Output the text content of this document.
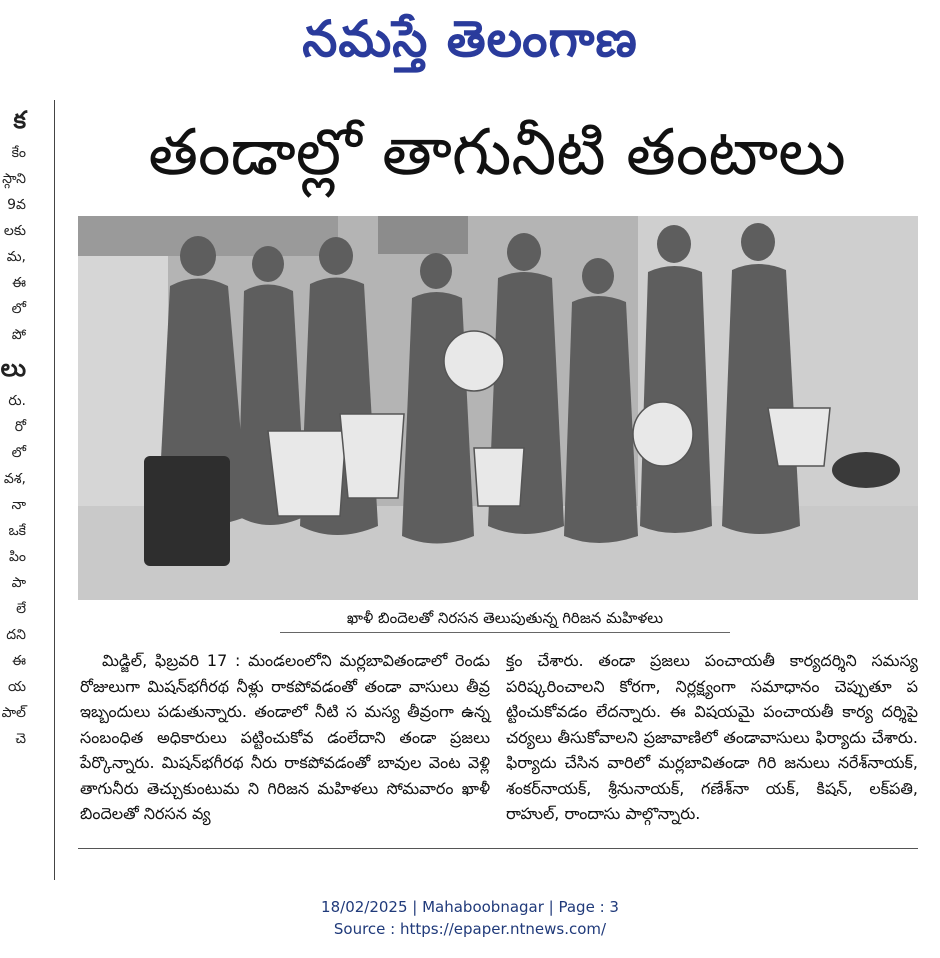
నమస్తే తెలంగాణ
క
కేం
స్గాని
9వ
లకు
మ,
ఈ
లో
పో
లు
రు.
రో
లో
వశ,
నా
ఒకే
పిం
పా
లే
దని
ఈ
య
పాల్
చె
తండాల్లో తాగునీటి తంటాలు
ఖాళీ బిందెలతో నిరసన తెలుపుతున్న గిరిజన మహిళలు
మిడ్జిల్, ఫిబ్రవరి 17 : మండలంలోని మర్లబావితండాలో రెండు రోజులుగా మిషన్‌భగీరథ నీళ్లు రాకపోవడంతో తండా వాసులు తీవ్ర ఇబ్బందులు పడుతున్నారు. తండాలో నీటి స మస్య తీవ్రంగా ఉన్న సంబంధిత అధికారులు పట్టించుకోవ డంలేదాని తండా ప్రజలు పేర్కొన్నారు. మిషన్‌భగీరథ నీరు రాకపోవడంతో బావుల వెంట వెళ్లి తాగునీరు తెచ్చుకుంటుమ ని గిరిజన మహిళలు సోమవారం ఖాళీ బిందెలతో నిరసన వ్య
క్తం చేశారు. తండా ప్రజలు పంచాయతీ కార్యదర్శిని సమస్య పరిష్కరించాలని కోరగా, నిర్లక్ష్యంగా సమాధానం చెప్పుతూ ప ట్టించుకోవడం లేదన్నారు. ఈ విషయమై పంచాయతీ కార్య దర్శిపై చర్యలు తీసుకోవాలని ప్రజావాణిలో తండావాసులు ఫిర్యాదు చేశారు. ఫిర్యాదు చేసిన వారిలో మర్లబావితండా గిరి జనులు నరేశ్‌నాయక్, శంకర్‌నాయక్, శ్రీనునాయక్, గణేశ్‌నా యక్, కిషన్, లక్‌పతి, రాహుల్, రాందాసు పాల్గొన్నారు.
18/02/2025 | Mahaboobnagar | Page : 3
Source : https://epaper.ntnews.com/
